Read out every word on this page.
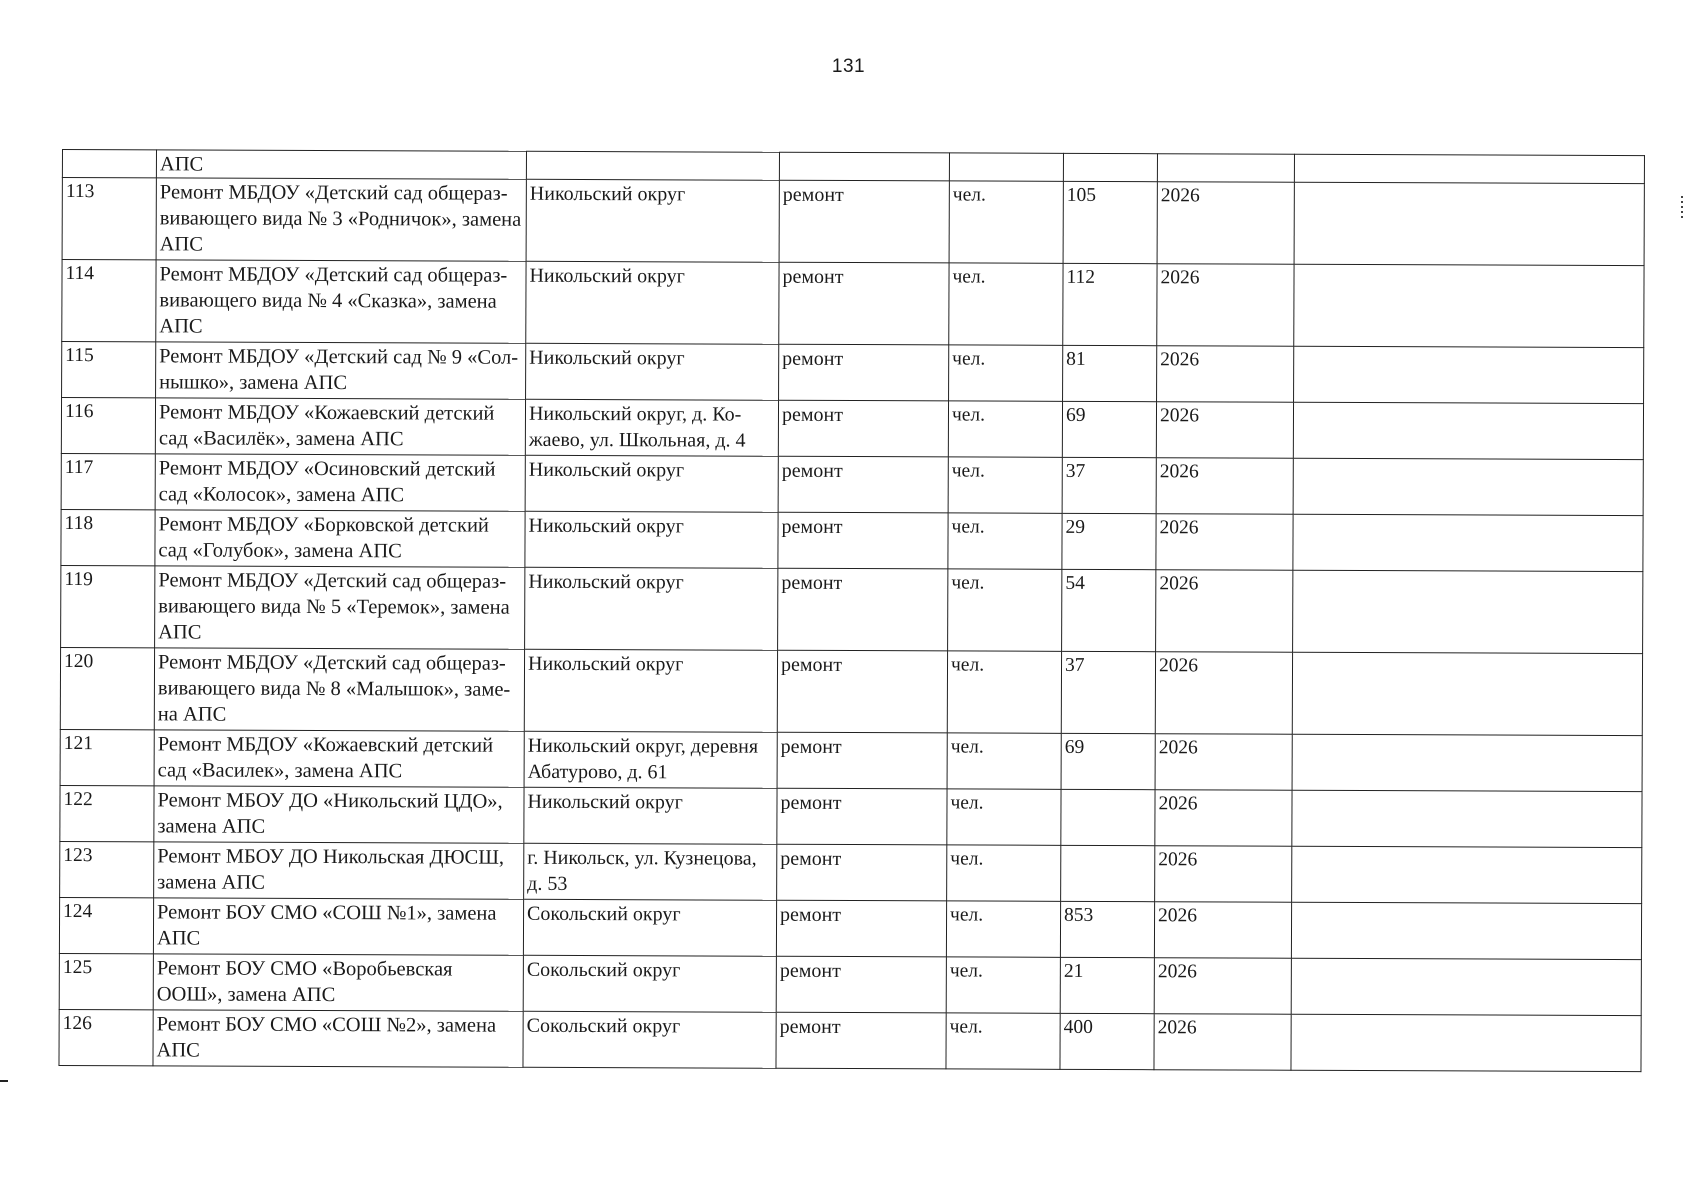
131
	АПС						
113	Ремонт МБДОУ «Детский сад общераз-вивающего вида № 3 «Родничок», замена АПС	Никольский округ	ремонт	чел.	105	2026	
114	Ремонт МБДОУ «Детский сад общераз-вивающего вида № 4 «Сказка», замена АПС	Никольский округ	ремонт	чел.	112	2026	
115	Ремонт МБДОУ «Детский сад № 9 «Сол-нышко», замена АПС	Никольский округ	ремонт	чел.	81	2026	
116	Ремонт МБДОУ «Кожаевский детский сад «Василёк», замена АПС	Никольский округ, д. Ко-жаево, ул. Школьная, д. 4	ремонт	чел.	69	2026	
117	Ремонт МБДОУ «Осиновский детский сад «Колосок», замена АПС	Никольский округ	ремонт	чел.	37	2026	
118	Ремонт МБДОУ «Борковской детский сад «Голубок», замена АПС	Никольский округ	ремонт	чел.	29	2026	
119	Ремонт МБДОУ «Детский сад общераз-вивающего вида № 5 «Теремок», замена АПС	Никольский округ	ремонт	чел.	54	2026	
120	Ремонт МБДОУ «Детский сад общераз-вивающего вида № 8 «Малышок», заме-на АПС	Никольский округ	ремонт	чел.	37	2026	
121	Ремонт МБДОУ «Кожаевский детский сад «Василек», замена АПС	Никольский округ, деревня Абатурово, д. 61	ремонт	чел.	69	2026	
122	Ремонт МБОУ ДО «Никольский ЦДО», замена АПС	Никольский округ	ремонт	чел.		2026	
123	Ремонт МБОУ ДО Никольская ДЮСШ, замена АПС	г. Никольск, ул. Кузнецова, д. 53	ремонт	чел.		2026	
124	Ремонт БОУ СМО «СОШ №1», замена АПС	Сокольский округ	ремонт	чел.	853	2026	
125	Ремонт БОУ СМО «Воробьевская ООШ», замена АПС	Сокольский округ	ремонт	чел.	21	2026	
126	Ремонт БОУ СМО «СОШ №2», замена АПС	Сокольский округ	ремонт	чел.	400	2026	
